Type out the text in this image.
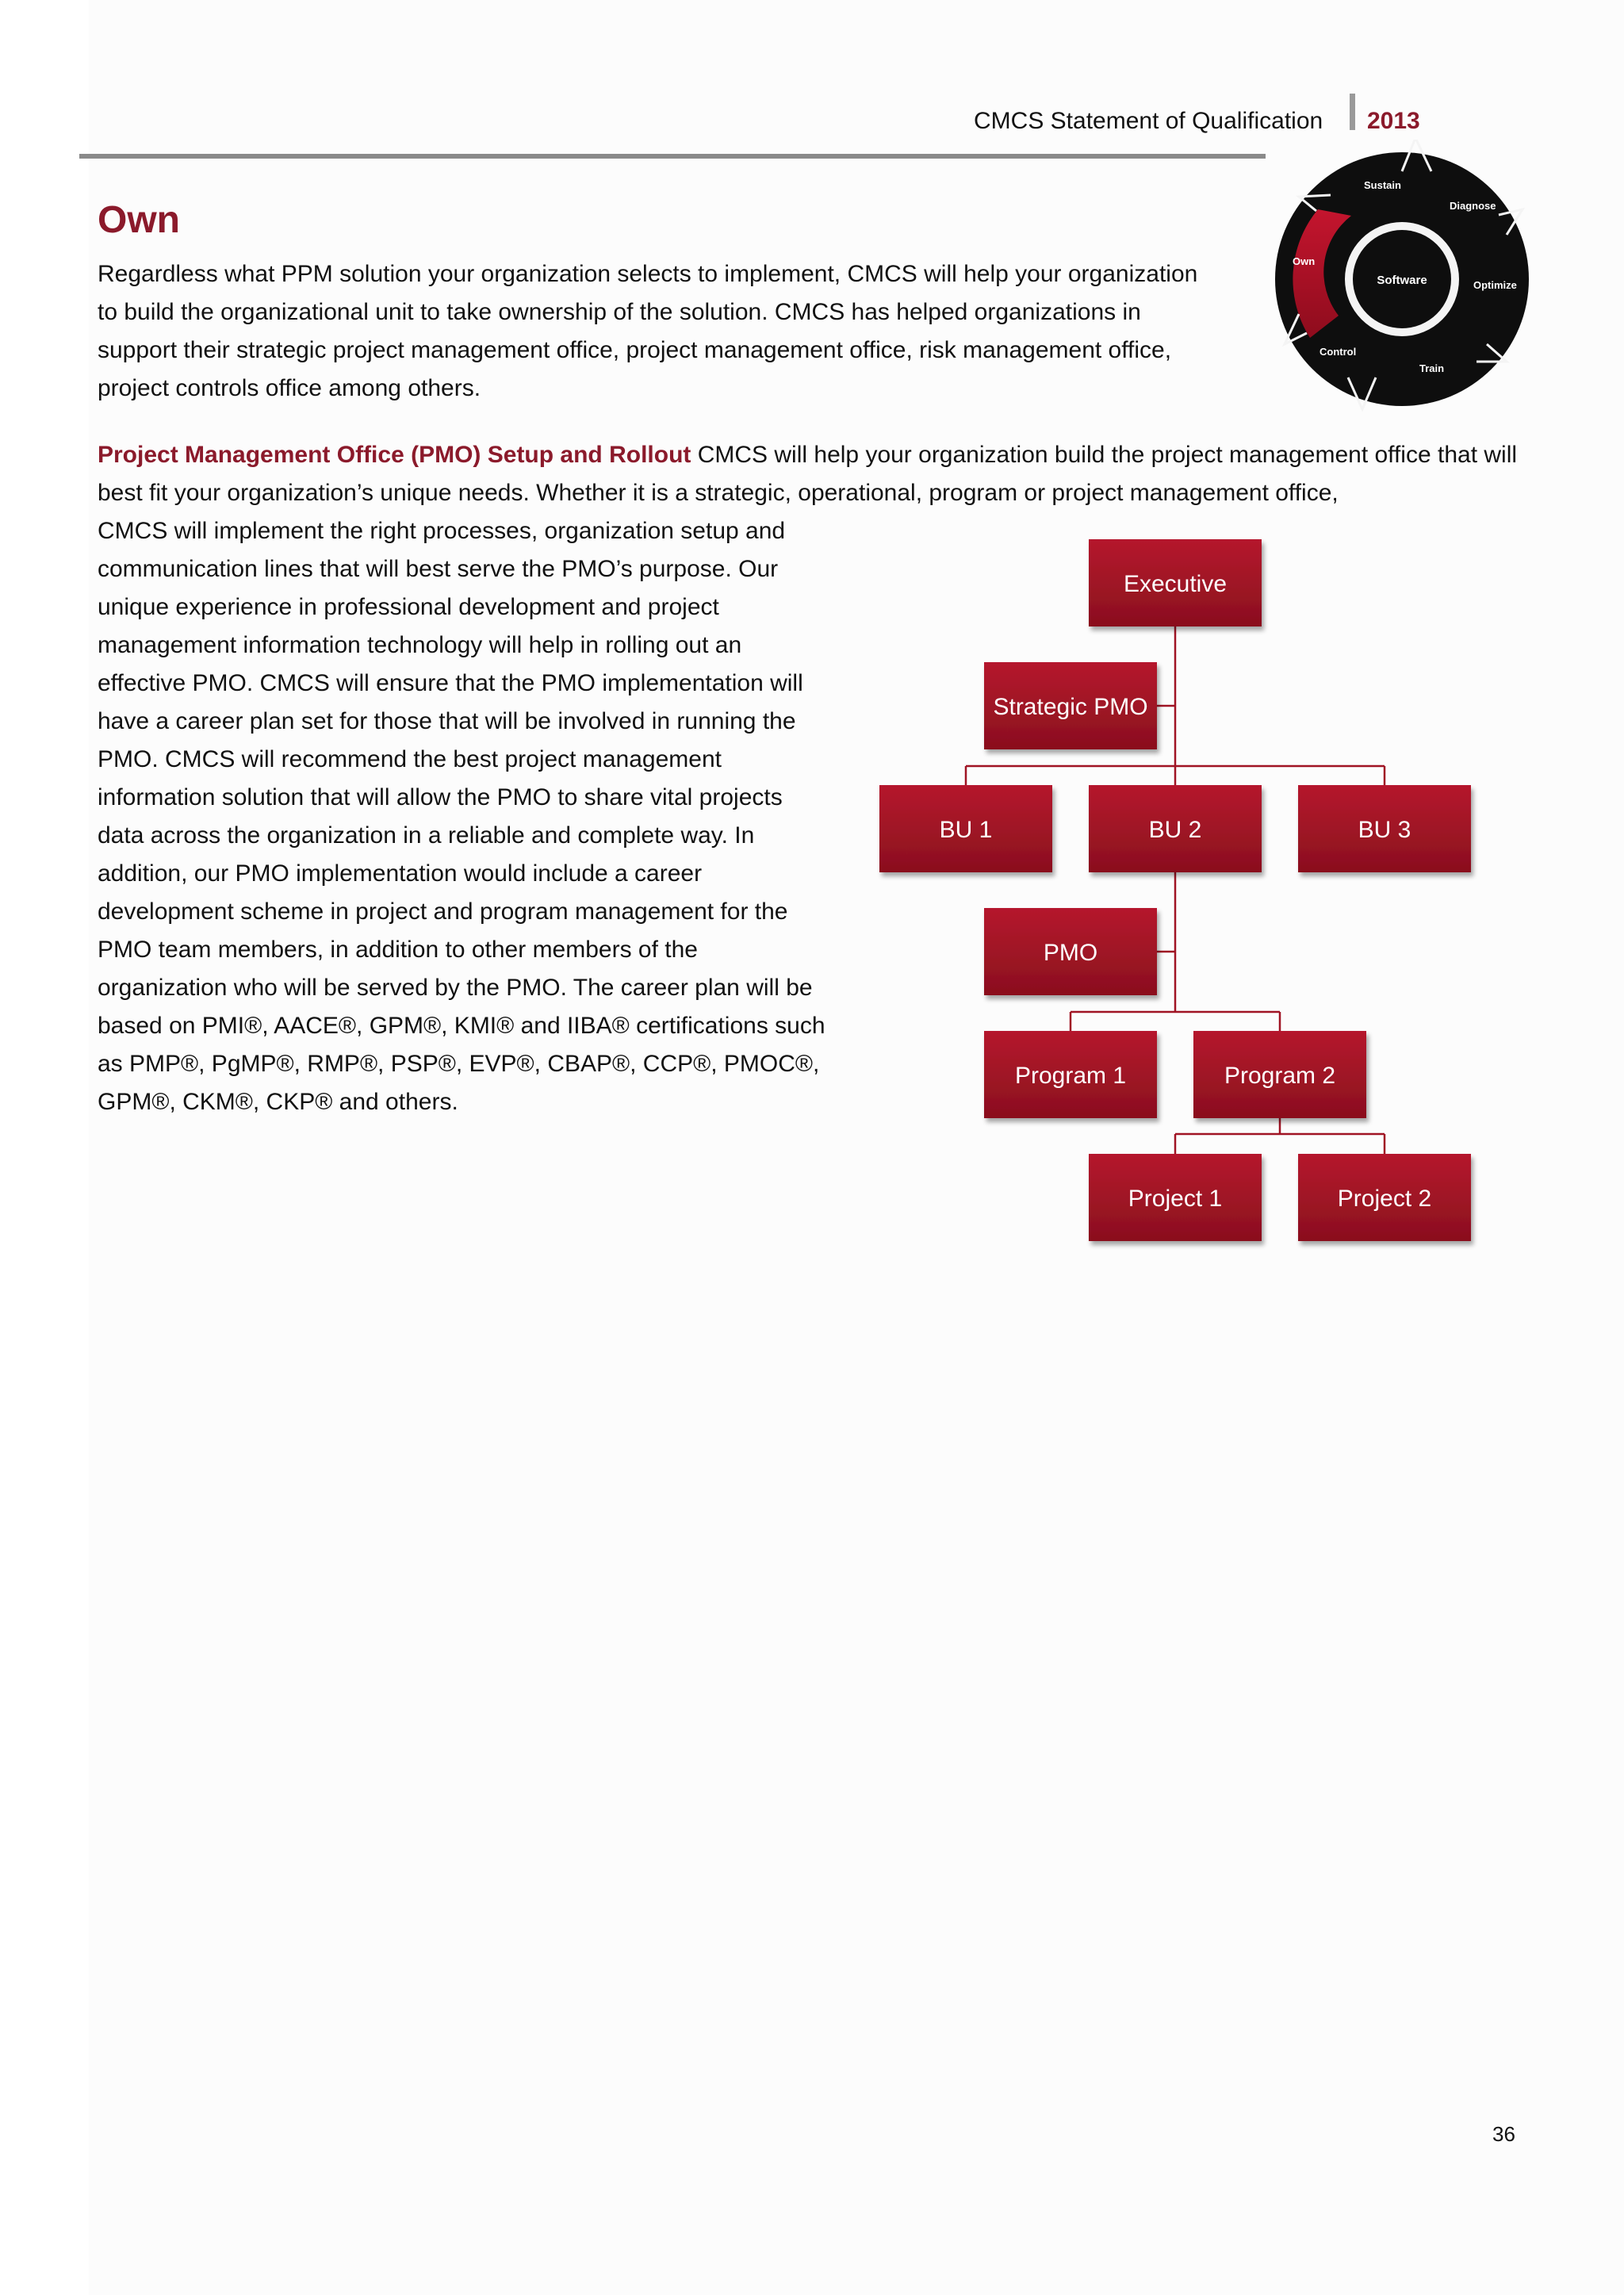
CMCS Statement of Qualification 2013
Software
Sustain
Diagnose
Optimize
Train
Control
Own
Own

Regardless what PPM solution your organization selects to implement, CMCS will help your organization to build the organizational unit to take ownership of the solution. CMCS has helped organizations in support their strategic project management office, project management office, risk management office, project controls office among others.

Project Management Office (PMO) Setup and Rollout CMCS will help your organization build the project management office that will best fit your organization’s unique needs. Whether it is a strategic, operational, program or project management office,

CMCS will implement the right processes, organization setup and communication lines that will best serve the PMO’s purpose. Our unique experience in professional development and project management information technology will help in rolling out an effective PMO. CMCS will ensure that the PMO implementation will have a career plan set for those that will be involved in running the PMO. CMCS will recommend the best project management information solution that will allow the PMO to share vital projects data across the organization in a reliable and complete way. In addition, our PMO implementation would include a career development scheme in project and program management for the PMO team members, in addition to other members of the organization who will be served by the PMO. The career plan will be based on PMI®, AACE®, GPM®, KMI® and IIBA® certifications such as PMP®, PgMP®, RMP®, PSP®, EVP®, CBAP®, CCP®, PMOC®, GPM®, CKM®, CKP® and others.

Executive
Strategic PMO
BU 1	BU 2	BU 3
PMO
Program 1	Program 2
Project 1	Project 2
36
